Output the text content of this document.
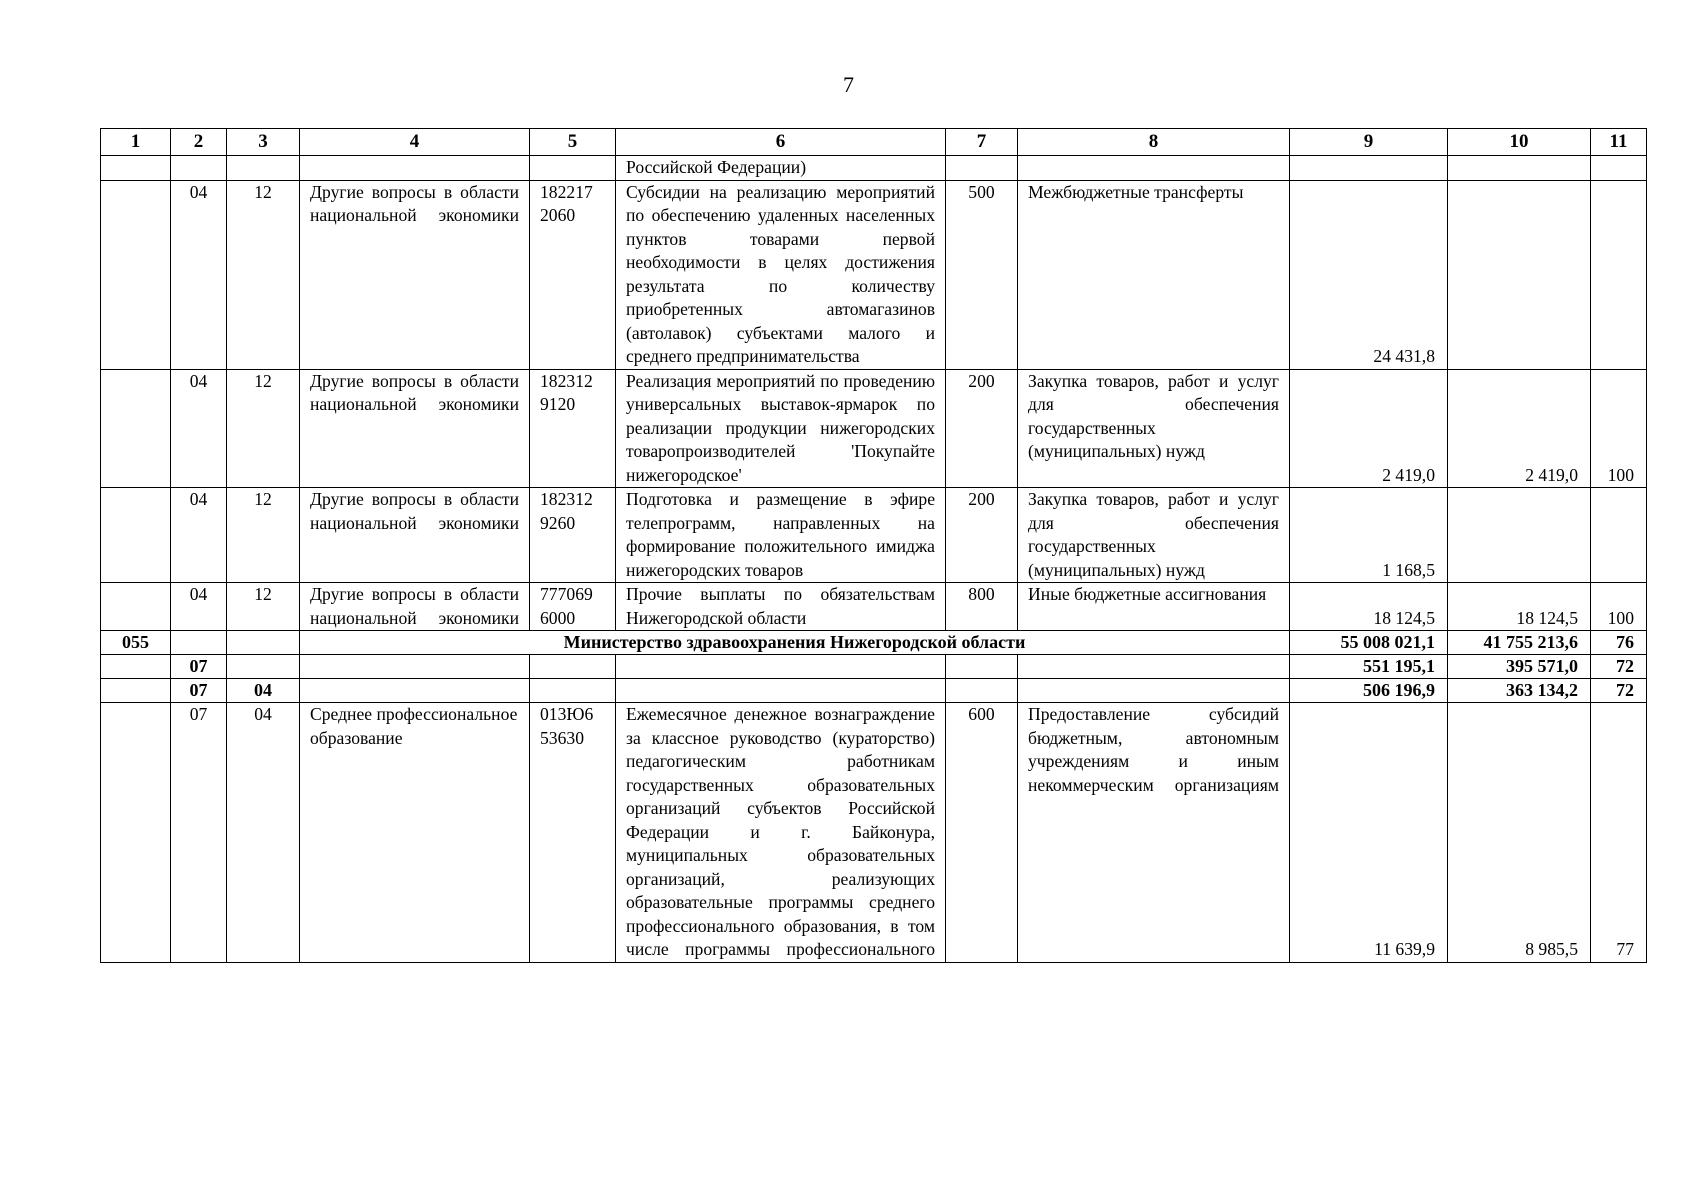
7
1	2	3	4	5	6	7	8	9	10	11
					Российской Федерации)					
	04	12	Другие вопросы в области национальной экономики	182217 2060	Субсидии на реализацию мероприятий по обеспечению удаленных населенных пунктов товарами первой необходимости в целях достижения результата по количеству приобретенных автомагазинов (автолавок) субъектами малого и среднего предпринимательства	500	Межбюджетные трансферты	24 431,8		
	04	12	Другие вопросы в области национальной экономики	182312 9120	Реализация мероприятий по проведению универсальных выставок-ярмарок по реализации продукции нижегородских товаропроизводителей 'Покупайте нижегородское'	200	Закупка товаров, работ и услуг для обеспечения государственных (муниципальных) нужд	2 419,0	2 419,0	100
	04	12	Другие вопросы в области национальной экономики	182312 9260	Подготовка и размещение в эфире телепрограмм, направленных на формирование положительного имиджа нижегородских товаров	200	Закупка товаров, работ и услуг для обеспечения государственных (муниципальных) нужд	1 168,5		
	04	12	Другие вопросы в области национальной экономики	777069 6000	Прочие выплаты по обязательствам Нижегородской области	800	Иные бюджетные ассигнования	18 124,5	18 124,5	100
055			Министерство здравоохранения Нижегородской области					55 008 021,1	41 755 213,6	76
	07							551 195,1	395 571,0	72
	07	04						506 196,9	363 134,2	72
	07	04	Среднее профессиональное образование	013Ю6 53630	Ежемесячное денежное вознаграждение за классное руководство (кураторство) педагогическим работникам государственных образовательных организаций субъектов Российской Федерации и г. Байконура, муниципальных образовательных организаций, реализующих образовательные программы среднего профессионального образования, в том числе программы профессионального	600	Предоставление субсидий бюджетным, автономным учреждениям и иным некоммерческим организациям	11 639,9	8 985,5	77
